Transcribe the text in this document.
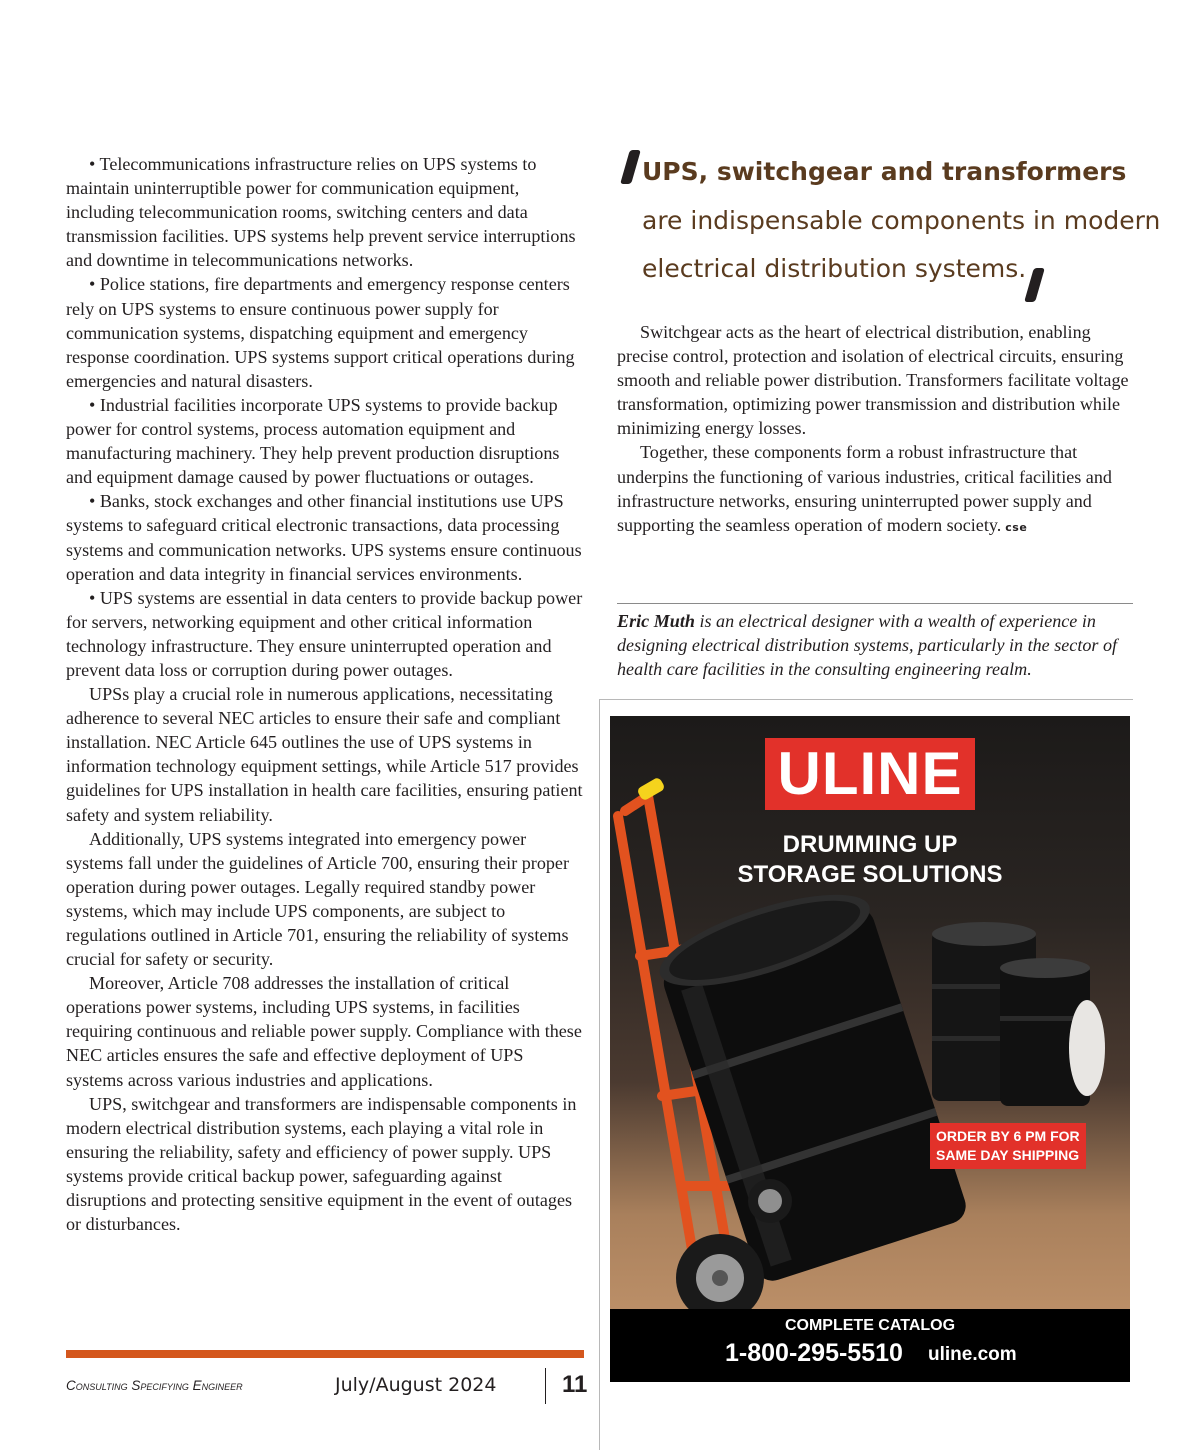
• Telecommunications infrastructure relies on UPS systems to maintain uninterruptible power for communication equipment, including telecommunication rooms, switching centers and data transmission facilities. UPS systems help prevent service interruptions and downtime in telecommunications networks.

• Police stations, fire departments and emergency response centers rely on UPS systems to ensure continuous power supply for communication systems, dispatching equipment and emergency response coordination. UPS systems support critical operations during emergencies and natural disasters.

• Industrial facilities incorporate UPS systems to provide backup power for control systems, process automation equipment and manufacturing machinery. They help prevent production disruptions and equipment damage caused by power fluctuations or outages.

• Banks, stock exchanges and other financial institutions use UPS systems to safeguard critical electronic transactions, data processing systems and communication networks. UPS systems ensure continuous operation and data integrity in financial services environments.

• UPS systems are essential in data centers to provide backup power for servers, networking equipment and other critical information technology infrastructure. They ensure uninterrupted operation and prevent data loss or corruption during power outages.

UPSs play a crucial role in numerous applications, necessitating adherence to several NEC articles to ensure their safe and compliant installation. NEC Article 645 outlines the use of UPS systems in information technology equipment settings, while Article 517 provides guidelines for UPS installation in health care facilities, ensuring patient safety and system reliability.

Additionally, UPS systems integrated into emergency power systems fall under the guidelines of Article 700, ensuring their proper operation during power outages. Legally required standby power systems, which may include UPS components, are subject to regulations outlined in Article 701, ensuring the reliability of systems crucial for safety or security.

Moreover, Article 708 addresses the installation of critical operations power systems, including UPS systems, in facilities requiring continuous and reliable power supply. Compliance with these NEC articles ensures the safe and effective deployment of UPS systems across various industries and applications.

UPS, switchgear and transformers are indispensable components in modern electrical distribution systems, each playing a vital role in ensuring the reliability, safety and efficiency of power supply. UPS systems provide critical backup power, safeguarding against disruptions and protecting sensitive equipment in the event of outages or disturbances.

UPS, switchgear and transformers
are indispensable components in modern
electrical distribution systems.

Switchgear acts as the heart of electrical distribution, enabling precise control, protection and isolation of electrical circuits, ensuring smooth and reliable power distribution. Transformers facilitate voltage transformation, optimizing power transmission and distribution while minimizing energy losses.

Together, these components form a robust infrastructure that underpins the functioning of various industries, critical facilities and infrastructure networks, ensuring uninterrupted power supply and supporting the seamless operation of modern society. cse

Eric Muth is an electrical designer with a wealth of experience in designing electrical distribution systems, particularly in the sector of health care facilities in the consulting engineering realm.
ULINE
DRUMMING UP
STORAGE SOLUTIONS
ORDER BY 6 PM FOR
SAME DAY SHIPPING
COMPLETE CATALOG
1-800-295-5510 uline.com
Consulting Specifying Engineer	July/August 2024	11
